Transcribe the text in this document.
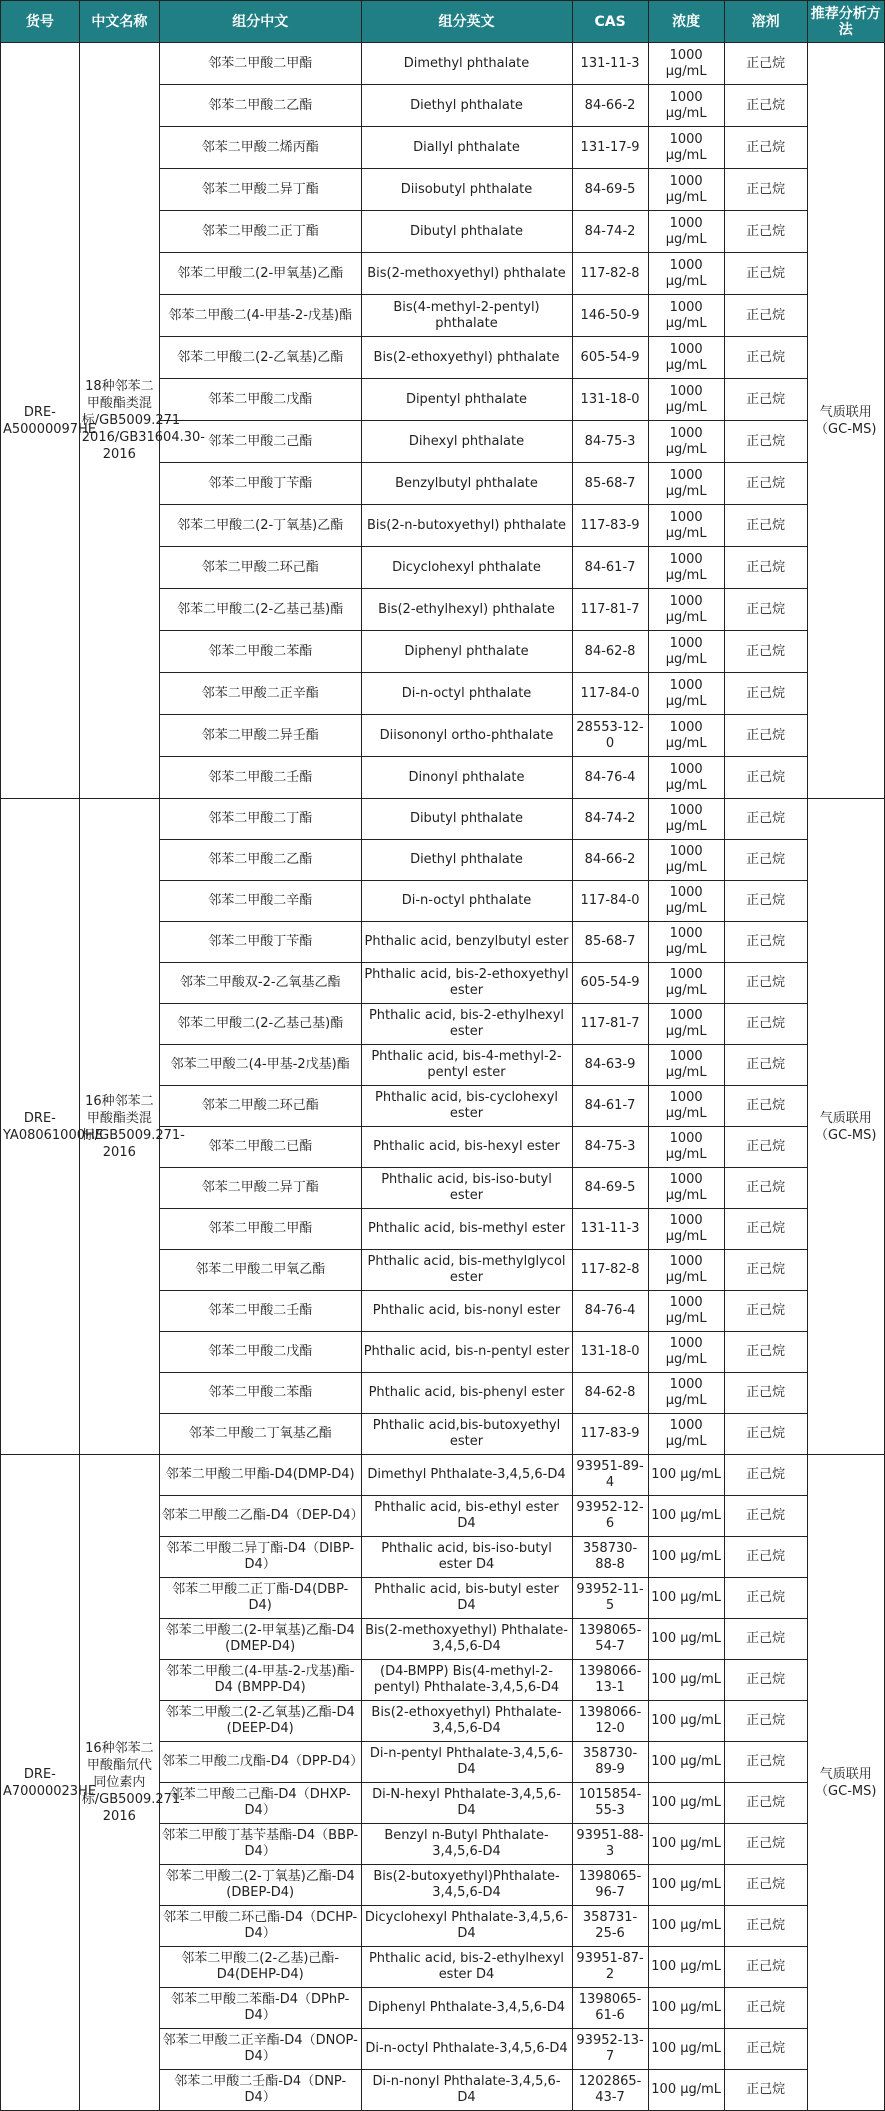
货号	中文名称	组分中文	组分英文	CAS	浓度	溶剂	推荐分析方法
DRE-A50000097HE	18种邻苯二甲酸酯类混标/GB5009.271-2016/GB31604.30-2016	邻苯二甲酸二甲酯	Dimethyl phthalate	131-11-3	1000 μg/mL	正己烷	气质联用（GC-MS)
		邻苯二甲酸二乙酯	Diethyl phthalate	84-66-2	1000 μg/mL	正己烷	
		邻苯二甲酸二烯丙酯	Diallyl phthalate	131-17-9	1000 μg/mL	正己烷	
		邻苯二甲酸二异丁酯	Diisobutyl phthalate	84-69-5	1000 μg/mL	正己烷	
		邻苯二甲酸二正丁酯	Dibutyl phthalate	84-74-2	1000 μg/mL	正己烷	
		邻苯二甲酸二(2-甲氧基)乙酯	Bis(2-methoxyethyl) phthalate	117-82-8	1000 μg/mL	正己烷	
		邻苯二甲酸二(4-甲基-2-戊基)酯	Bis(4-methyl-2-pentyl) phthalate	146-50-9	1000 μg/mL	正己烷	
		邻苯二甲酸二(2-乙氧基)乙酯	Bis(2-ethoxyethyl) phthalate	605-54-9	1000 μg/mL	正己烷	
		邻苯二甲酸二戊酯	Dipentyl phthalate	131-18-0	1000 μg/mL	正己烷	
		邻苯二甲酸二己酯	Dihexyl phthalate	84-75-3	1000 μg/mL	正己烷	
		邻苯二甲酸丁苄酯	Benzylbutyl phthalate	85-68-7	1000 μg/mL	正己烷	
		邻苯二甲酸二(2-丁氧基)乙酯	Bis(2-n-butoxyethyl) phthalate	117-83-9	1000 μg/mL	正己烷	
		邻苯二甲酸二环己酯	Dicyclohexyl phthalate	84-61-7	1000 μg/mL	正己烷	
		邻苯二甲酸二(2-乙基己基)酯	Bis(2-ethylhexyl) phthalate	117-81-7	1000 μg/mL	正己烷	
		邻苯二甲酸二苯酯	Diphenyl phthalate	84-62-8	1000 μg/mL	正己烷	
		邻苯二甲酸二正辛酯	Di-n-octyl phthalate	117-84-0	1000 μg/mL	正己烷	
		邻苯二甲酸二异壬酯	Diisononyl ortho-phthalate	28553-12-0	1000 μg/mL	正己烷	
		邻苯二甲酸二壬酯	Dinonyl phthalate	84-76-4	1000 μg/mL	正己烷	
DRE-YA08061000HE	16种邻苯二甲酸酯类混标/GB5009.271-2016	邻苯二甲酸二丁酯	Dibutyl phthalate	84-74-2	1000 μg/mL	正己烷	气质联用（GC-MS)
		邻苯二甲酸二乙酯	Diethyl phthalate	84-66-2	1000 μg/mL	正己烷	
		邻苯二甲酸二辛酯	Di-n-octyl phthalate	117-84-0	1000 μg/mL	正己烷	
		邻苯二甲酸丁苄酯	Phthalic acid, benzylbutyl ester	85-68-7	1000 μg/mL	正己烷	
		邻苯二甲酸双-2-乙氧基乙酯	Phthalic acid, bis-2-ethoxyethyl ester	605-54-9	1000 μg/mL	正己烷	
		邻苯二甲酸二(2-乙基己基)酯	Phthalic acid, bis-2-ethylhexyl ester	117-81-7	1000 μg/mL	正己烷	
		邻苯二甲酸二(4-甲基-2戊基)酯	Phthalic acid, bis-4-methyl-2-pentyl ester	84-63-9	1000 μg/mL	正己烷	
		邻苯二甲酸二环己酯	Phthalic acid, bis-cyclohexyl ester	84-61-7	1000 μg/mL	正己烷	
		邻苯二甲酸二已酯	Phthalic acid, bis-hexyl ester	84-75-3	1000 μg/mL	正己烷	
		邻苯二甲酸二异丁酯	Phthalic acid, bis-iso-butyl ester	84-69-5	1000 μg/mL	正己烷	
		邻苯二甲酸二甲酯	Phthalic acid, bis-methyl ester	131-11-3	1000 μg/mL	正己烷	
		邻苯二甲酸二甲氧乙酯	Phthalic acid, bis-methylglycol ester	117-82-8	1000 μg/mL	正己烷	
		邻苯二甲酸二壬酯	Phthalic acid, bis-nonyl ester	84-76-4	1000 μg/mL	正己烷	
		邻苯二甲酸二戊酯	Phthalic acid, bis-n-pentyl ester	131-18-0	1000 μg/mL	正己烷	
		邻苯二甲酸二苯酯	Phthalic acid, bis-phenyl ester	84-62-8	1000 μg/mL	正己烷	
		邻苯二甲酸二丁氧基乙酯	Phthalic acid,bis-butoxyethyl ester	117-83-9	1000 μg/mL	正己烷	
DRE-A70000023HE	16种邻苯二甲酸酯氘代同位素内标/GB5009.271-2016	邻苯二甲酸二甲酯-D4(DMP-D4)	Dimethyl Phthalate-3,4,5,6-D4	93951-89-4	100 μg/mL	正己烷	气质联用（GC-MS)
		邻苯二甲酸二乙酯-D4（DEP-D4）	Phthalic acid, bis-ethyl ester D4	93952-12-6	100 μg/mL	正己烷	
		邻苯二甲酸二异丁酯-D4（DIBP-D4）	Phthalic acid, bis-iso-butyl ester D4	358730-88-8	100 μg/mL	正己烷	
		邻苯二甲酸二正丁酯-D4(DBP-D4)	Phthalic acid, bis-butyl ester D4	93952-11-5	100 μg/mL	正己烷	
		邻苯二甲酸二(2-甲氧基)乙酯-D4 (DMEP-D4)	Bis(2-methoxyethyl) Phthalate-3,4,5,6-D4	1398065-54-7	100 μg/mL	正己烷	
		邻苯二甲酸二(4-甲基-2-戊基)酯-D4 (BMPP-D4)	(D4-BMPP) Bis(4-methyl-2-pentyl) Phthalate-3,4,5,6-D4	1398066-13-1	100 μg/mL	正己烷	
		邻苯二甲酸二(2-乙氧基)乙酯-D4 (DEEP-D4)	Bis(2-ethoxyethyl) Phthalate-3,4,5,6-D4	1398066-12-0	100 μg/mL	正己烷	
		邻苯二甲酸二戊酯-D4（DPP-D4）	Di-n-pentyl Phthalate-3,4,5,6-D4	358730-89-9	100 μg/mL	正己烷	
		邻苯二甲酸二己酯-D4（DHXP-D4）	Di-N-hexyl Phthalate-3,4,5,6-D4	1015854-55-3	100 μg/mL	正己烷	
		邻苯二甲酸丁基苄基酯-D4（BBP-D4）	Benzyl n-Butyl Phthalate-3,4,5,6-D4	93951-88-3	100 μg/mL	正己烷	
		邻苯二甲酸二(2-丁氧基)乙酯-D4 (DBEP-D4)	Bis(2-butoxyethyl)Phthalate-3,4,5,6-D4	1398065-96-7	100 μg/mL	正己烷	
		邻苯二甲酸二环己酯-D4（DCHP-D4）	Dicyclohexyl Phthalate-3,4,5,6-D4	358731-25-6	100 μg/mL	正己烷	
		邻苯二甲酸二(2-乙基)己酯-D4(DEHP-D4)	Phthalic acid, bis-2-ethylhexyl ester D4	93951-87-2	100 μg/mL	正己烷	
		邻苯二甲酸二苯酯-D4（DPhP-D4）	Diphenyl Phthalate-3,4,5,6-D4	1398065-61-6	100 μg/mL	正己烷	
		邻苯二甲酸二正辛酯-D4（DNOP-D4）	Di-n-octyl Phthalate-3,4,5,6-D4	93952-13-7	100 μg/mL	正己烷	
		邻苯二甲酸二壬酯-D4（DNP-D4）	Di-n-nonyl Phthalate-3,4,5,6-D4	1202865-43-7	100 μg/mL	正己烷	
